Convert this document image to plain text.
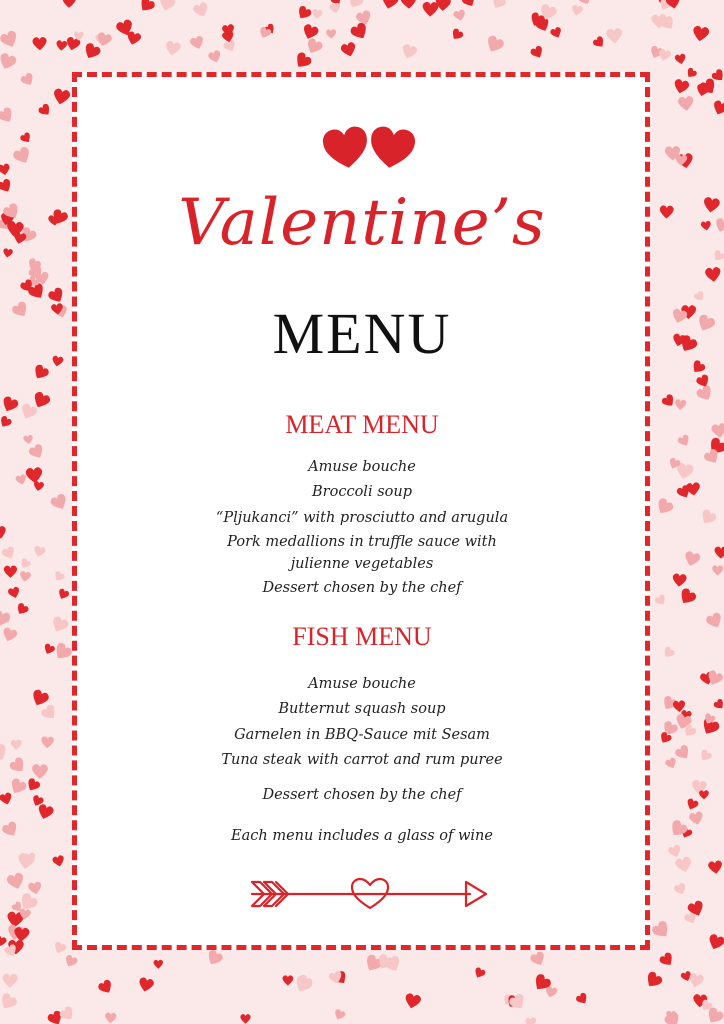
Valentine’s
MENU
MEAT MENU
Amuse bouche
Broccoli soup
“Pljukanci” with prosciutto and arugula
Pork medallions in truffle sauce with
julienne vegetables
Dessert chosen by the chef
FISH MENU
Amuse bouche
Butternut squash soup
Garnelen in BBQ-Sauce mit Sesam
Tuna steak with carrot and rum puree
Dessert chosen by the chef
Each menu includes a glass of wine
